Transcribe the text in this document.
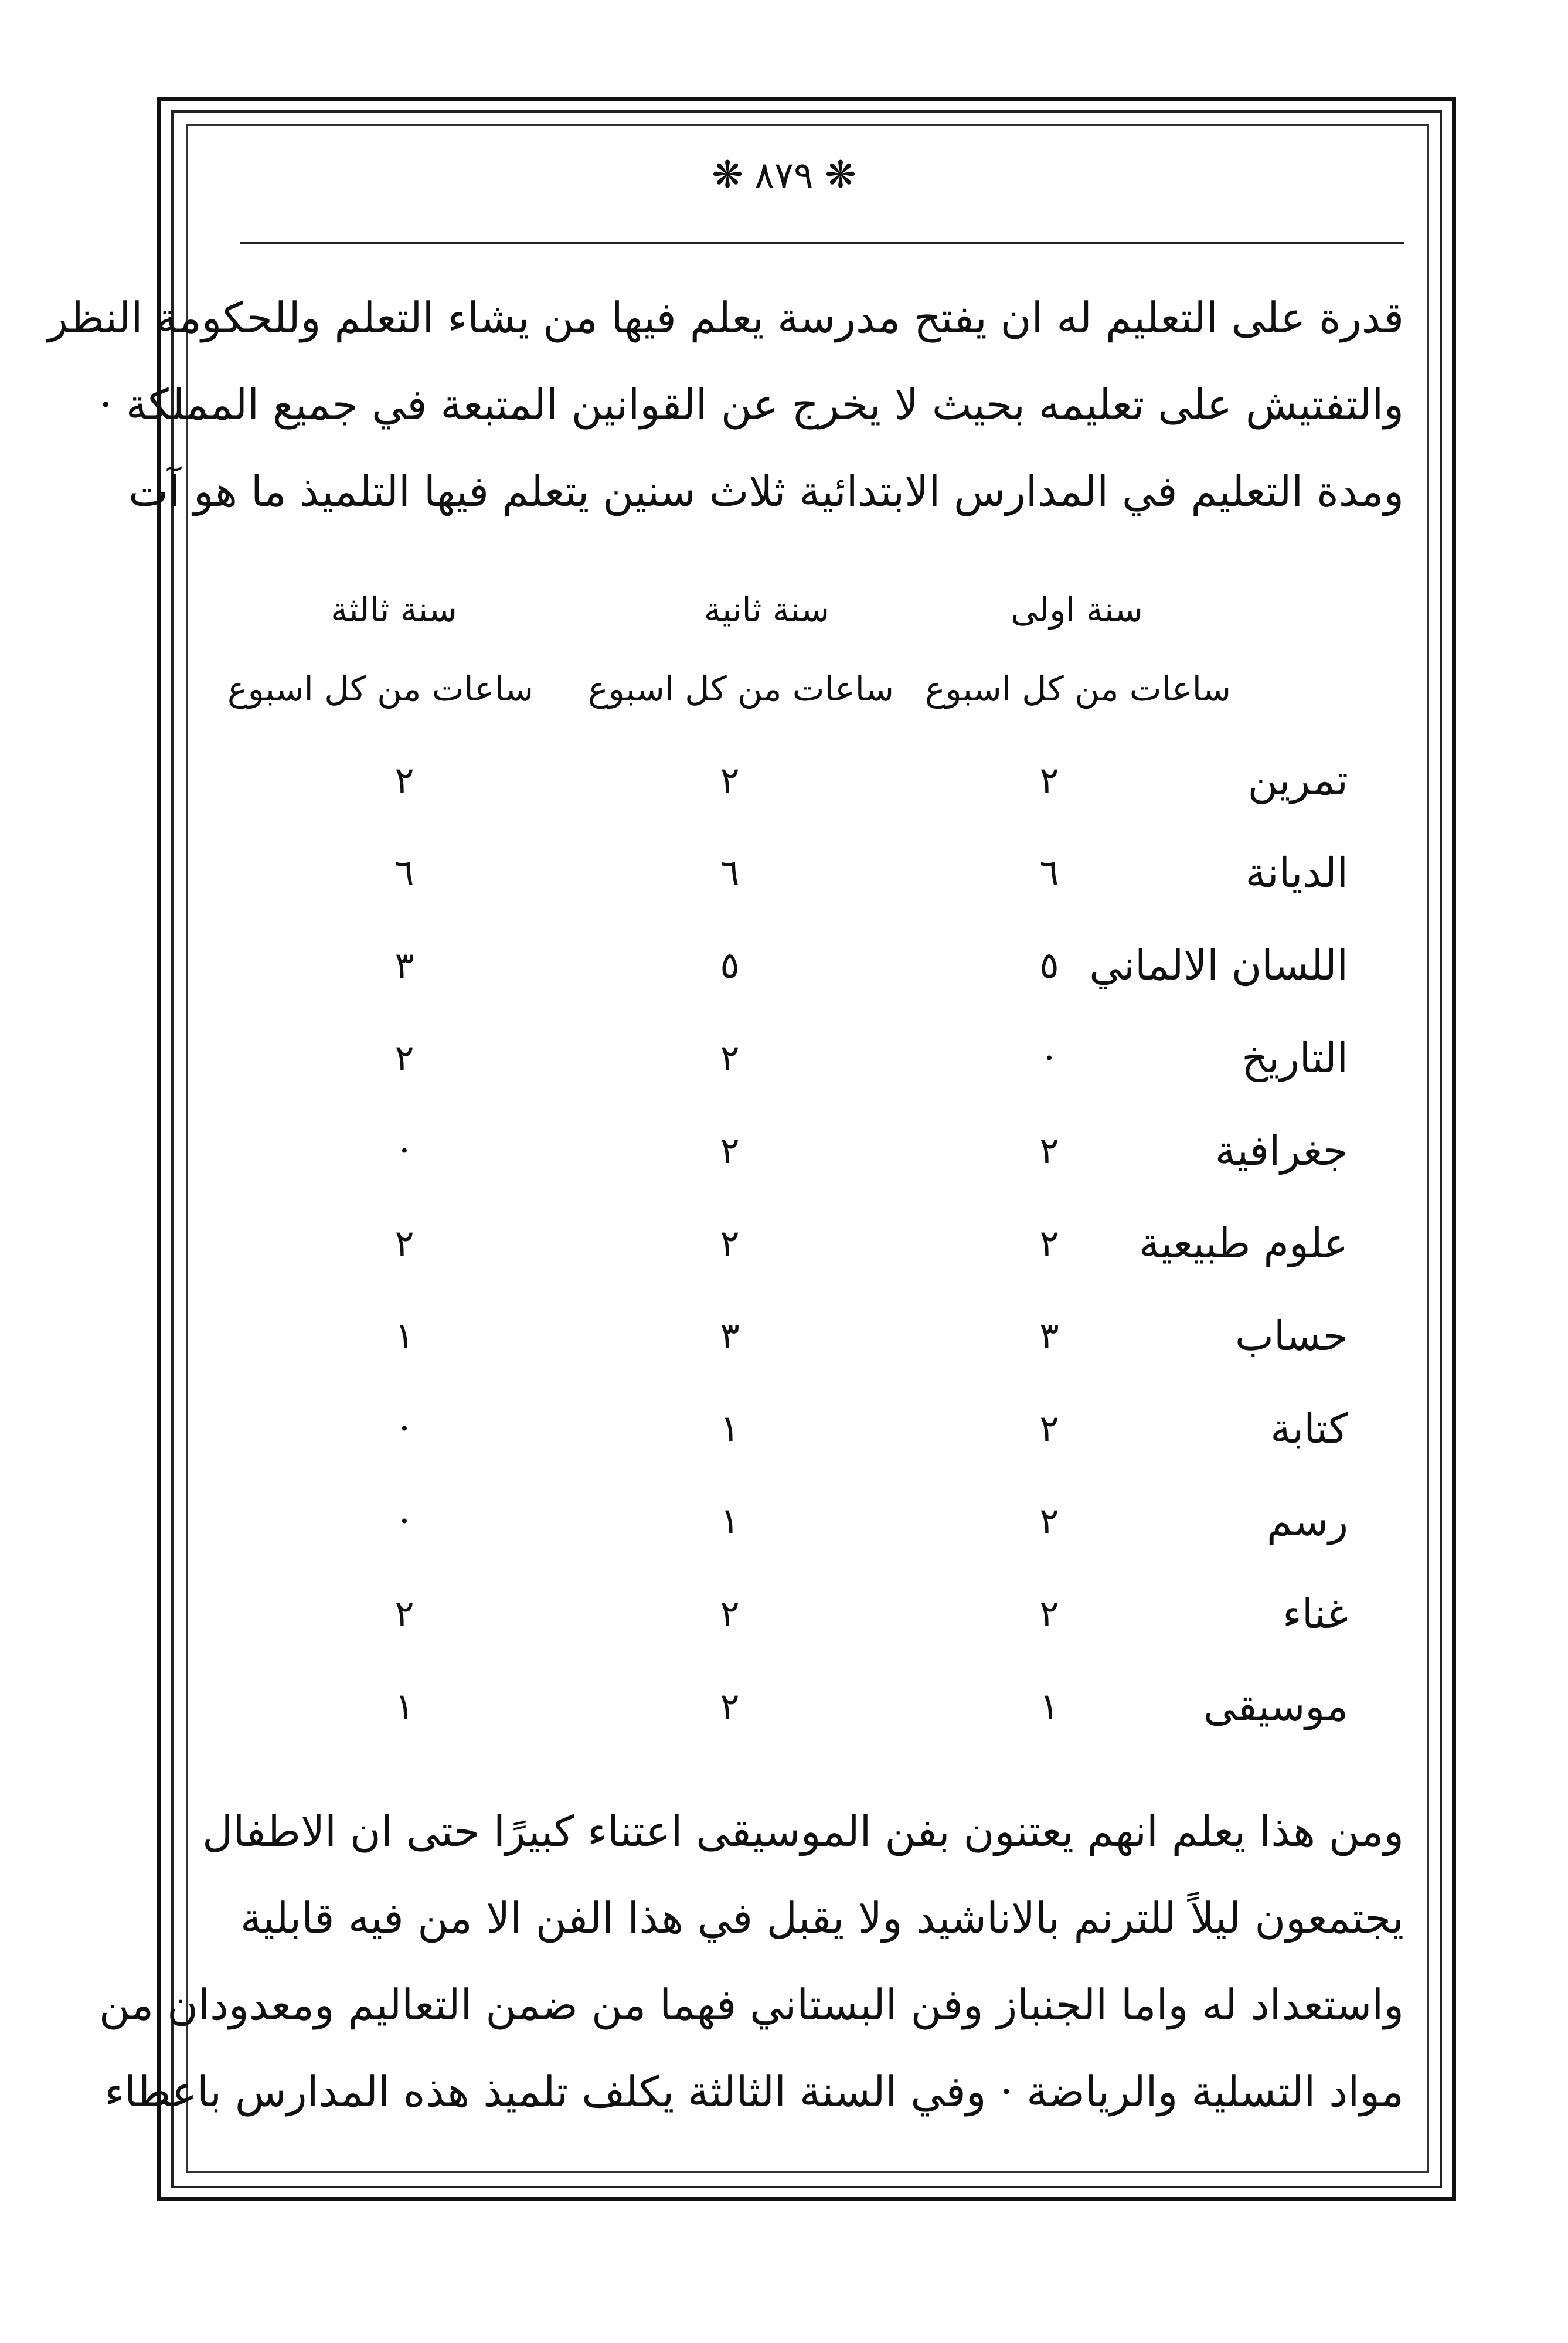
❋ ٨٧٩ ❋
قدرة على التعليم له ان يفتح مدرسة يعلم فيها من يشاء التعلم وللحكومة النظر
والتفتيش على تعليمه بحيث لا يخرج عن القوانين المتبعة في جميع المملكة ·
ومدة التعليم في المدارس الابتدائية ثلاث سنين يتعلم فيها التلميذ ما هو آت
سنة اولى
سنة ثانية
سنة ثالثة
ساعات من كل اسبوع
ساعات من كل اسبوع
ساعات من كل اسبوع
تمرين
٢
٢
٢
الديانة
٦
٦
٦
اللسان الالماني
٥
٥
٣
التاريخ
·
٢
٢
جغرافية
٢
٢
·
علوم طبيعية
٢
٢
٢
حساب
٣
٣
١
كتابة
٢
١
·
رسم
٢
١
·
غناء
٢
٢
٢
موسيقى
١
٢
١
ومن هذا يعلم انهم يعتنون بفن الموسيقى اعتناء كبيرًا حتى ان الاطفال
يجتمعون ليلاً للترنم بالاناشيد ولا يقبل في هذا الفن الا من فيه قابلية
واستعداد له واما الجنباز وفن البستاني فهما من ضمن التعاليم ومعدودان من
مواد التسلية والرياضة · وفي السنة الثالثة يكلف تلميذ هذه المدارس باعطاء
